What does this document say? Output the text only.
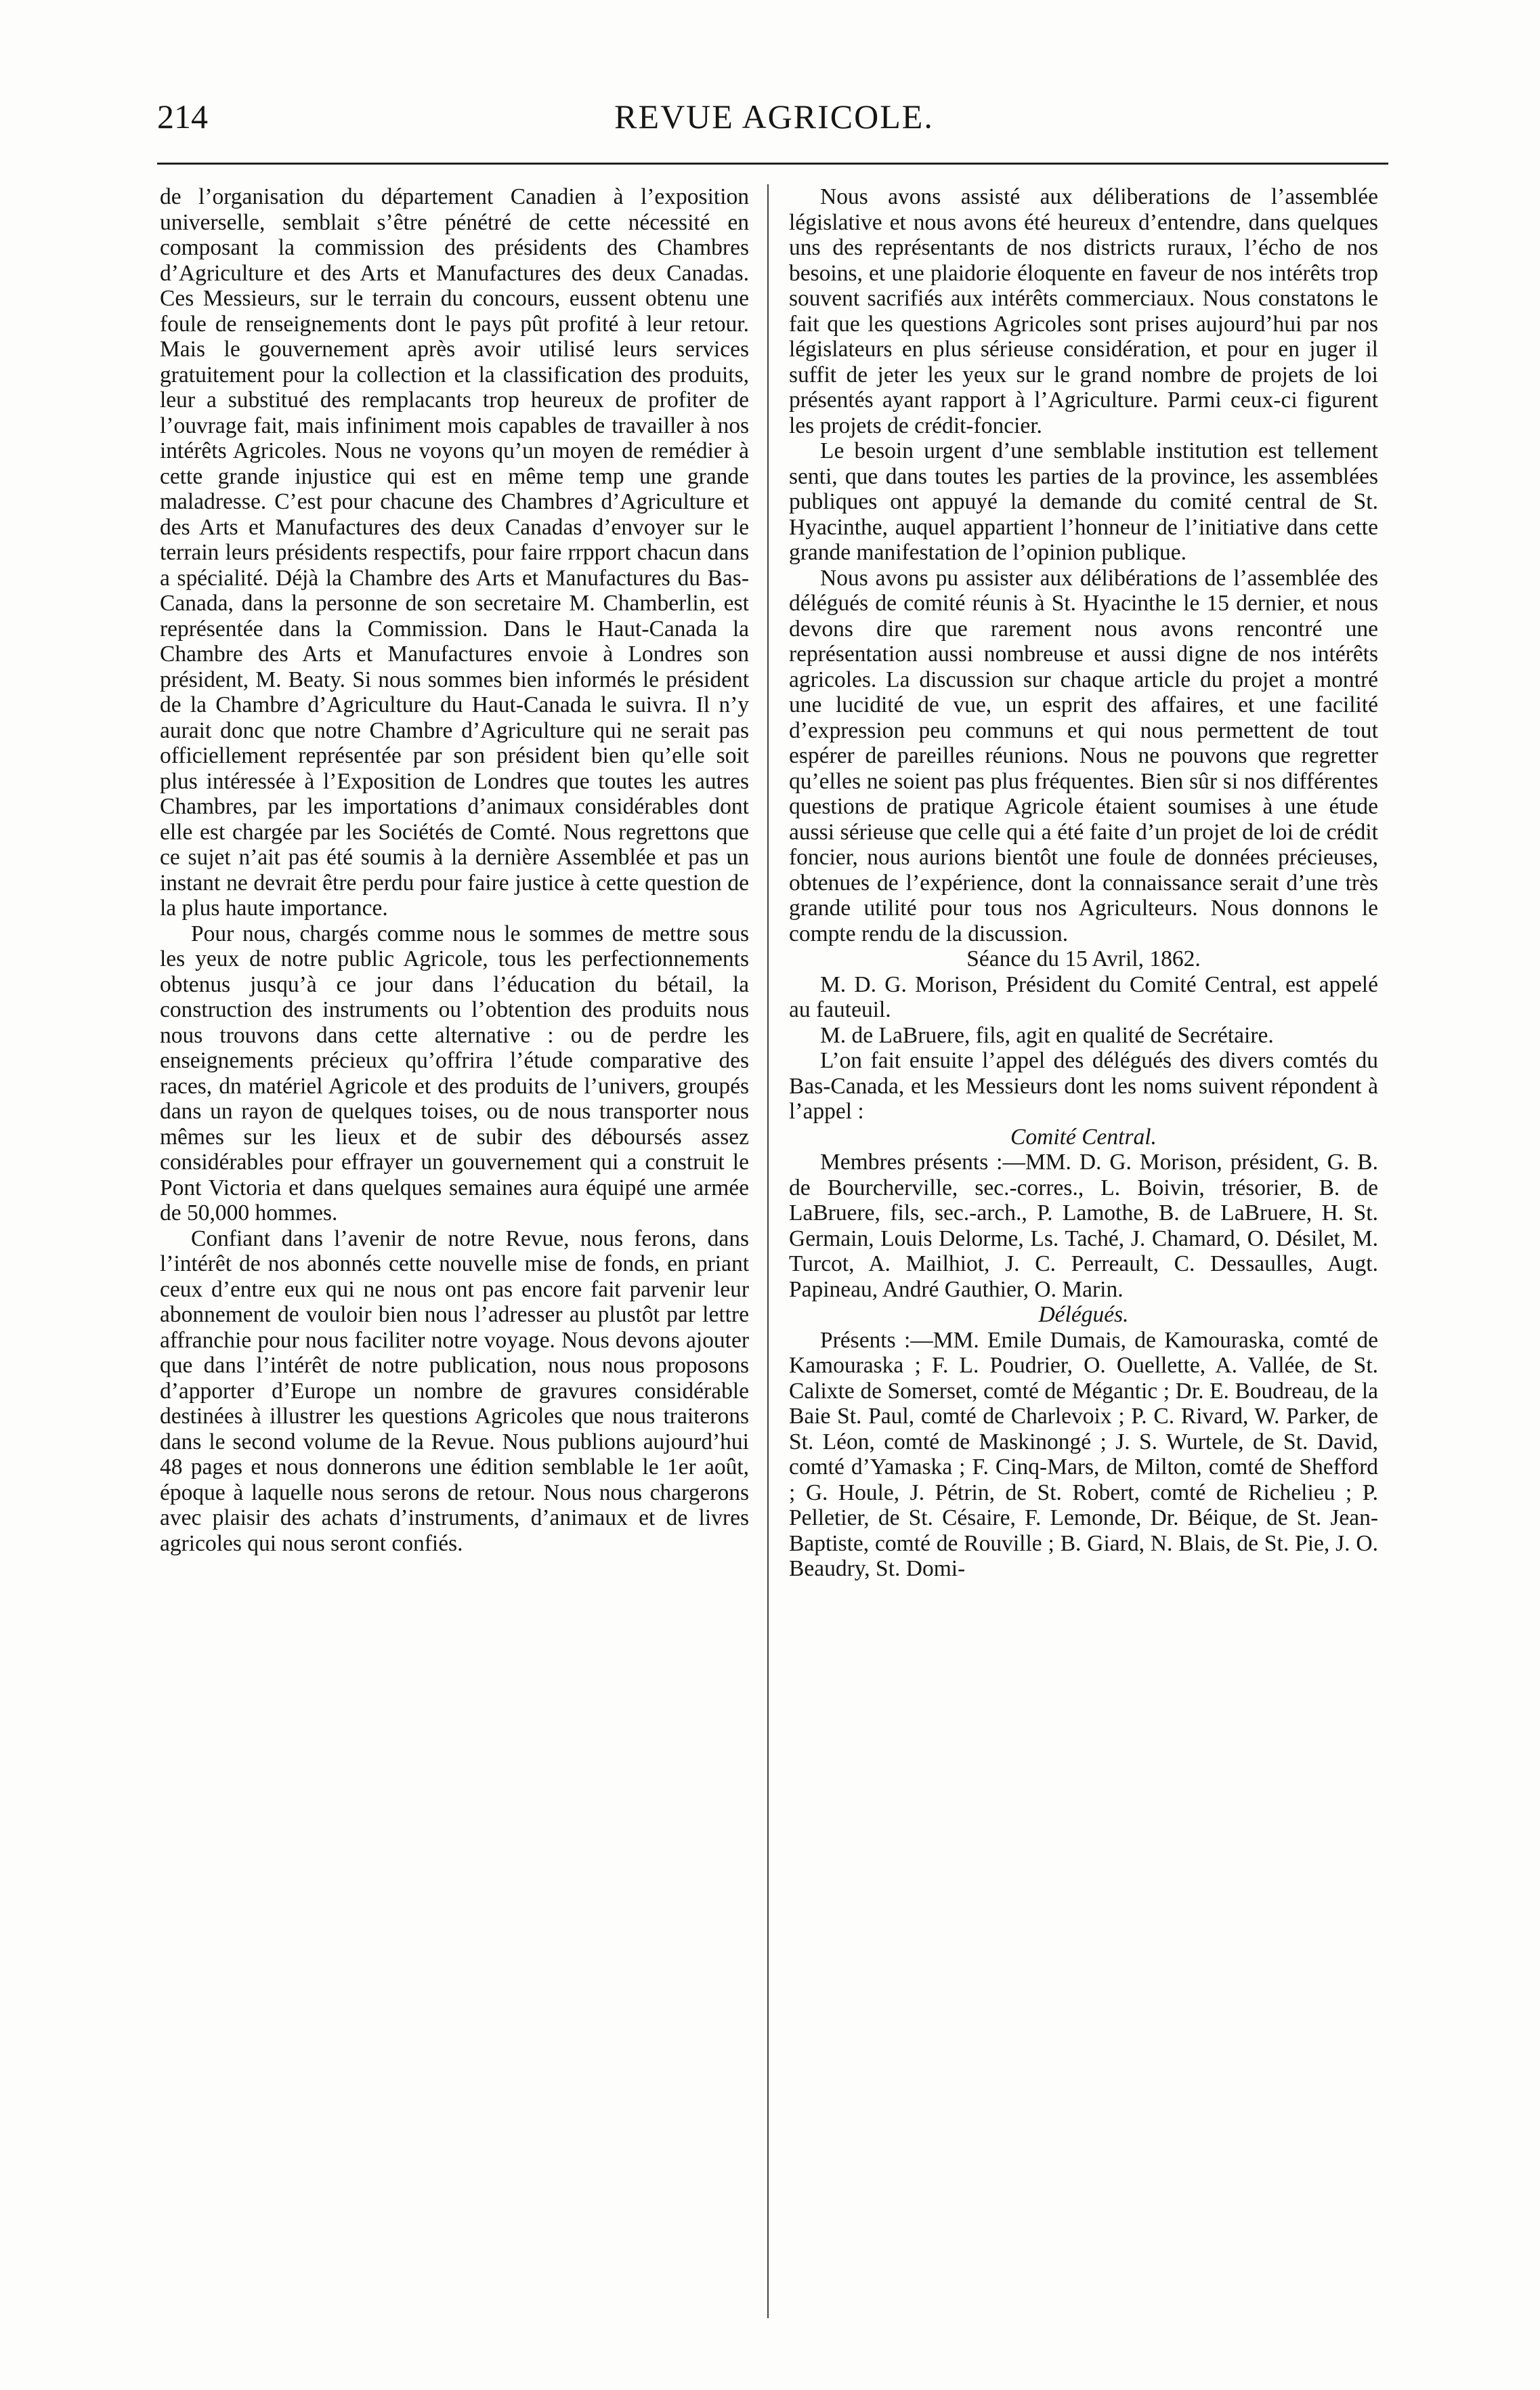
214	REVUE AGRICOLE.

de l’organisation du département Canadien à l’exposition universelle, semblait s’être pénétré de cette nécessité en composant la commission des présidents des Chambres d’Agriculture et des Arts et Manufactures des deux Canadas. Ces Messieurs, sur le terrain du concours, eussent obtenu une foule de renseignements dont le pays pût profité à leur retour. Mais le gouvernement après avoir utilisé leurs services gratuitement pour la collection et la classification des produits, leur a substitué des remplacants trop heureux de profiter de l’ouvrage fait, mais infiniment mois capables de travailler à nos intérêts Agricoles. Nous ne voyons qu’un moyen de remédier à cette grande injustice qui est en même temp une grande maladresse. C’est pour chacune des Chambres d’Agriculture et des Arts et Manufactures des deux Canadas d’envoyer sur le terrain leurs présidents respectifs, pour faire rrpport chacun dans a spécialité. Déjà la Chambre des Arts et Manufactures du Bas-Canada, dans la personne de son secretaire M. Chamberlin, est représentée dans la Commission. Dans le Haut-Canada la Chambre des Arts et Manufactures envoie à Londres son président, M. Beaty. Si nous sommes bien informés le président de la Chambre d’Agriculture du Haut-Canada le suivra. Il n’y aurait donc que notre Chambre d’Agriculture qui ne serait pas officiellement représentée par son président bien qu’elle soit plus intéressée à l’Exposition de Londres que toutes les autres Chambres, par les importations d’animaux considérables dont elle est chargée par les Sociétés de Comté. Nous regrettons que ce sujet n’ait pas été soumis à la dernière Assemblée et pas un instant ne devrait être perdu pour faire justice à cette question de la plus haute importance.

Pour nous, chargés comme nous le sommes de mettre sous les yeux de notre public Agricole, tous les perfectionnements obtenus jusqu’à ce jour dans l’éducation du bétail, la construction des instruments ou l’obtention des produits nous nous trouvons dans cette alternative : ou de perdre les enseignements précieux qu’offrira l’étude comparative des races, dn matériel Agricole et des produits de l’univers, groupés dans un rayon de quelques toises, ou de nous transporter nous mêmes sur les lieux et de subir des déboursés assez considérables pour effrayer un gouvernement qui a construit le Pont Victoria et dans quelques semaines aura équipé une armée de 50,000 hommes.

Confiant dans l’avenir de notre Revue, nous ferons, dans l’intérêt de nos abonnés cette nouvelle mise de fonds, en priant ceux d’entre eux qui ne nous ont pas encore fait parvenir leur abonnement de vouloir bien nous l’adresser au plustôt par lettre affranchie pour nous faciliter notre voyage. Nous devons ajouter que dans l’intérêt de notre publication, nous nous proposons d’apporter d’Europe un nombre de gravures considérable destinées à illustrer les questions Agricoles que nous traiterons dans le second volume de la Revue. Nous publions aujourd’hui 48 pages et nous donnerons une édition semblable le 1er août, époque à laquelle nous serons de retour. Nous nous chargerons avec plaisir des achats d’instruments, d’animaux et de livres agricoles qui nous seront confiés.

Nous avons assisté aux déliberations de l’assemblée législative et nous avons été heureux d’entendre, dans quelques uns des représentants de nos districts ruraux, l’écho de nos besoins, et une plaidorie éloquente en faveur de nos intérêts trop souvent sacrifiés aux intérêts commerciaux. Nous constatons le fait que les questions Agricoles sont prises aujourd’hui par nos législateurs en plus sérieuse considération, et pour en juger il suffit de jeter les yeux sur le grand nombre de projets de loi présentés ayant rapport à l’Agriculture. Parmi ceux-ci figurent les projets de crédit-foncier.

Le besoin urgent d’une semblable institution est tellement senti, que dans toutes les parties de la province, les assemblées publiques ont appuyé la demande du comité central de St. Hyacinthe, auquel appartient l’honneur de l’initiative dans cette grande manifestation de l’opinion publique.

Nous avons pu assister aux délibérations de l’assemblée des délégués de comité réunis à St. Hyacinthe le 15 dernier, et nous devons dire que rarement nous avons rencontré une représentation aussi nombreuse et aussi digne de nos intérêts agricoles. La discussion sur chaque article du projet a montré une lucidité de vue, un esprit des affaires, et une facilité d’expression peu communs et qui nous permettent de tout espérer de pareilles réunions. Nous ne pouvons que regretter qu’elles ne soient pas plus fréquentes. Bien sûr si nos différentes questions de pratique Agricole étaient soumises à une étude aussi sérieuse que celle qui a été faite d’un projet de loi de crédit foncier, nous aurions bientôt une foule de données précieuses, obtenues de l’expérience, dont la connaissance serait d’une très grande utilité pour tous nos Agriculteurs. Nous donnons le compte rendu de la discussion.

Séance du 15 Avril, 1862.

M. D. G. Morison, Président du Comité Central, est appelé au fauteuil.

M. de LaBruere, fils, agit en qualité de Secrétaire.

L’on fait ensuite l’appel des délégués des divers comtés du Bas-Canada, et les Messieurs dont les noms suivent répondent à l’appel :

Comité Central.

Membres présents :—MM. D. G. Morison, président, G. B. de Bourcherville, sec.-corres., L. Boivin, trésorier, B. de LaBruere, fils, sec.-arch., P. Lamothe, B. de LaBruere, H. St. Germain, Louis Delorme, Ls. Taché, J. Chamard, O. Désilet, M. Turcot, A. Mailhiot, J. C. Perreault, C. Dessaulles, Augt. Papineau, André Gauthier, O. Marin.

Délégués.

Présents :—MM. Emile Dumais, de Kamouraska, comté de Kamouraska ; F. L. Poudrier, O. Ouellette, A. Vallée, de St. Calixte de Somerset, comté de Mégantic ; Dr. E. Boudreau, de la Baie St. Paul, comté de Charlevoix ; P. C. Rivard, W. Parker, de St. Léon, comté de Maskinongé ; J. S. Wurtele, de St. David, comté d’Yamaska ; F. Cinq-Mars, de Milton, comté de Shefford ; G. Houle, J. Pétrin, de St. Robert, comté de Richelieu ; P. Pelletier, de St. Césaire, F. Lemonde, Dr. Béique, de St. Jean-Baptiste, comté de Rouville ; B. Giard, N. Blais, de St. Pie, J. O. Beaudry, St. Domi-
